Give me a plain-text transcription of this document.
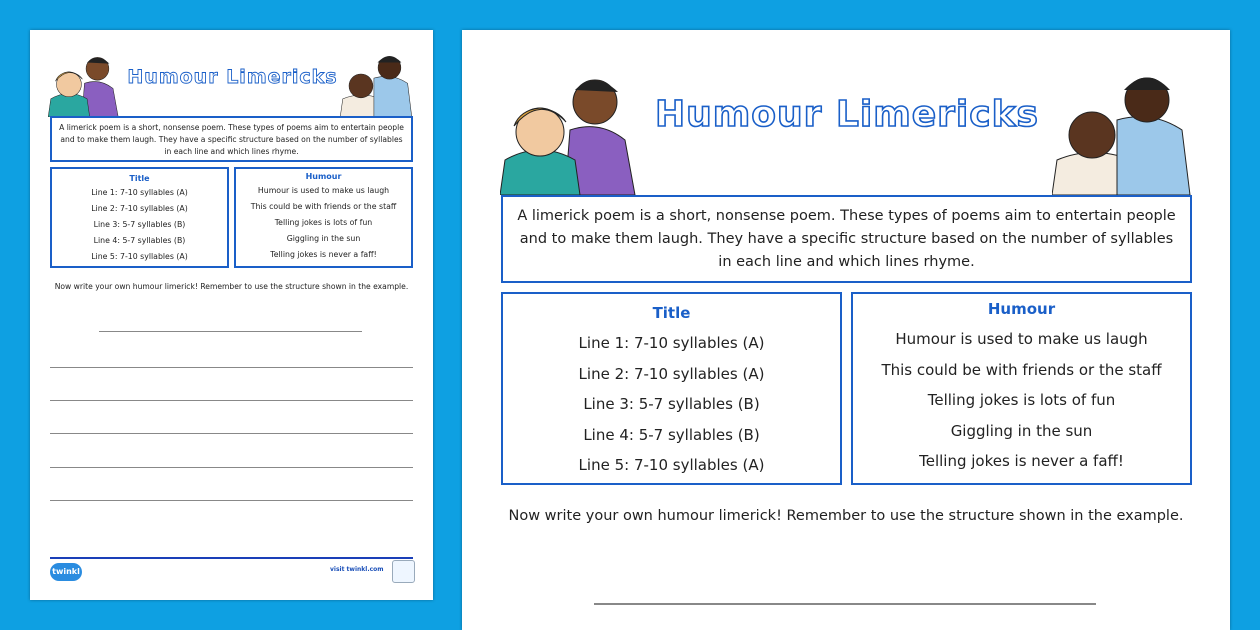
Humour Limericks
A limerick poem is a short, nonsense poem. These types of poems aim to entertain people and to make them laugh. They have a specific structure based on the number of syllables in each line and which lines rhyme.
Title
Line 1: 7-10 syllables (A)
Line 2: 7-10 syllables (A)
Line 3: 5-7 syllables (B)
Line 4: 5-7 syllables (B)
Line 5: 7-10 syllables (A)
Humour
Humour is used to make us laugh
This could be with friends or the staff
Telling jokes is lots of fun
Giggling in the sun
Telling jokes is never a faff!
Now write your own humour limerick! Remember to use the structure shown in the example.
twinkl	visit twinkl.com
Humour Limericks
A limerick poem is a short, nonsense poem. These types of poems aim to entertain people and to make them laugh. They have a specific structure based on the number of syllables in each line and which lines rhyme.
Title
Line 1: 7-10 syllables (A)
Line 2: 7-10 syllables (A)
Line 3: 5-7 syllables (B)
Line 4: 5-7 syllables (B)
Line 5: 7-10 syllables (A)
Humour
Humour is used to make us laugh
This could be with friends or the staff
Telling jokes is lots of fun
Giggling in the sun
Telling jokes is never a faff!
Now write your own humour limerick! Remember to use the structure shown in the example.
